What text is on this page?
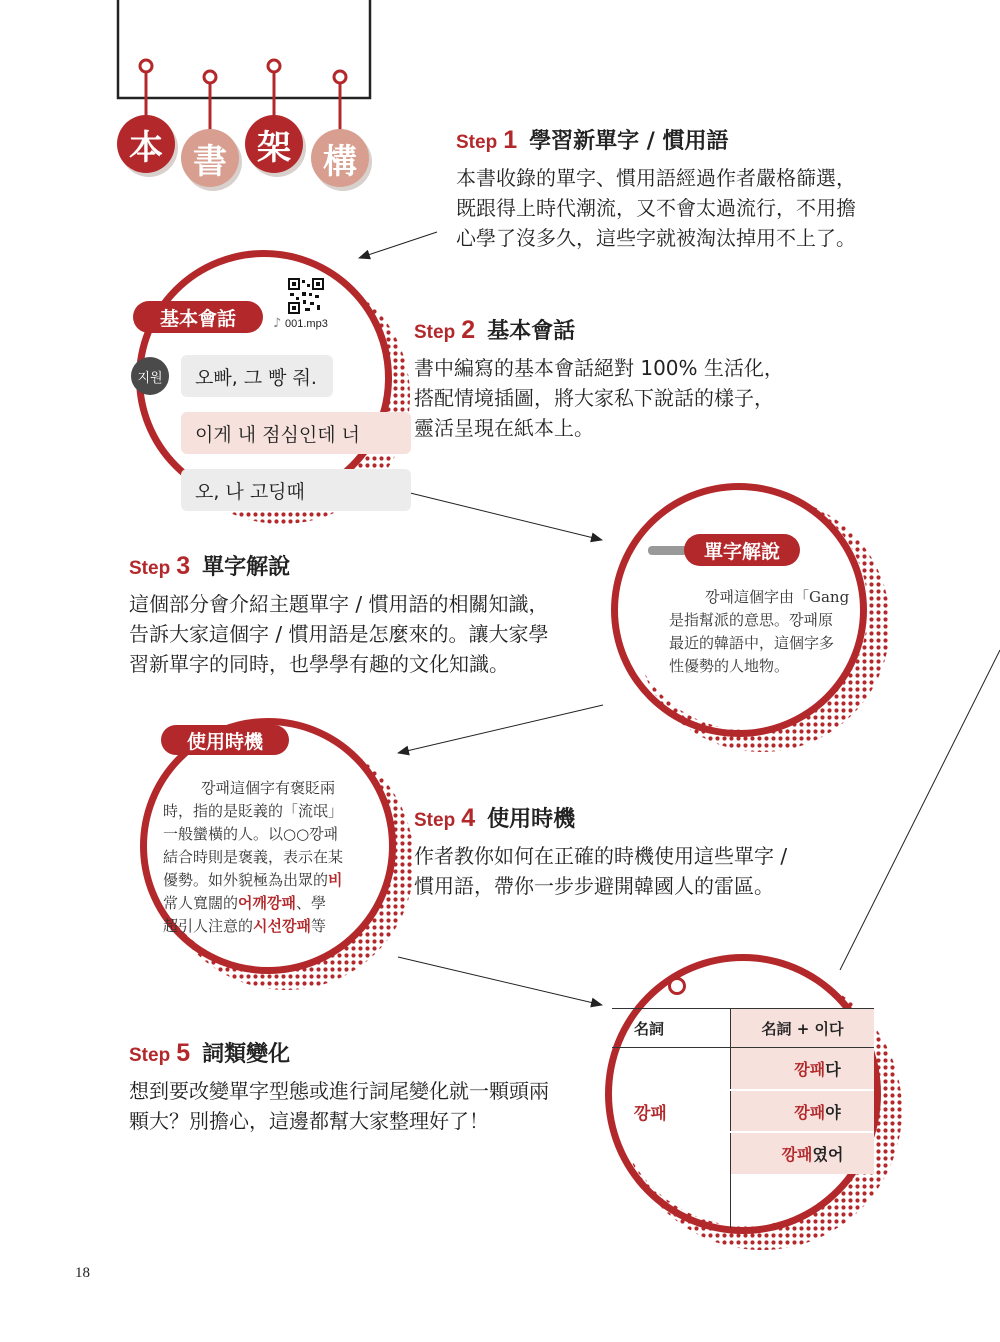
本 書 架 構	Step 1 學習新單字 / 慣用語
本書收錄的單字、慣用語經過作者嚴格篩選，
既跟得上時代潮流，又不會太過流行，不用擔
心學了沒多久，這些字就被淘汰掉用不上了。
基本會話	♪ 001.mp3
지원	오빠, 그 빵 줘.
이게 내 점심인데 너
오, 나 고딩때
Step 2 基本會話
書中編寫的基本會話絕對 100% 生活化，
搭配情境插圖，將大家私下說話的樣子，
靈活呈現在紙本上。
Step 3 單字解說
這個部分會介紹主題單字 / 慣用語的相關知識，
告訴大家這個字 / 慣用語是怎麼來的。讓大家學
習新單字的同時，也學學有趣的文化知識。
單字解說
깡패這個字由「Gang
是指幫派的意思。깡패原
最近的韓語中，這個字多
性優勢的人地物。
使用時機
깡패這個字有褒貶兩
時，指的是貶義的「流氓」
一般蠻橫的人。以○○깡패
結合時則是褒義，表示在某
優勢。如外貌極為出眾的비
常人寬闊的어깨깡패、學
超引人注意的시선깡패等
Step 4 使用時機
作者教你如何在正確的時機使用這些單字 /
慣用語，帶你一步步避開韓國人的雷區。
Step 5 詞類變化
想到要改變單字型態或進行詞尾變化就一顆頭兩
顆大？別擔心，這邊都幫大家整理好了！
名詞	名詞 + 이다
깡패
깡패 다
깡패 야
깡패 였어
18
